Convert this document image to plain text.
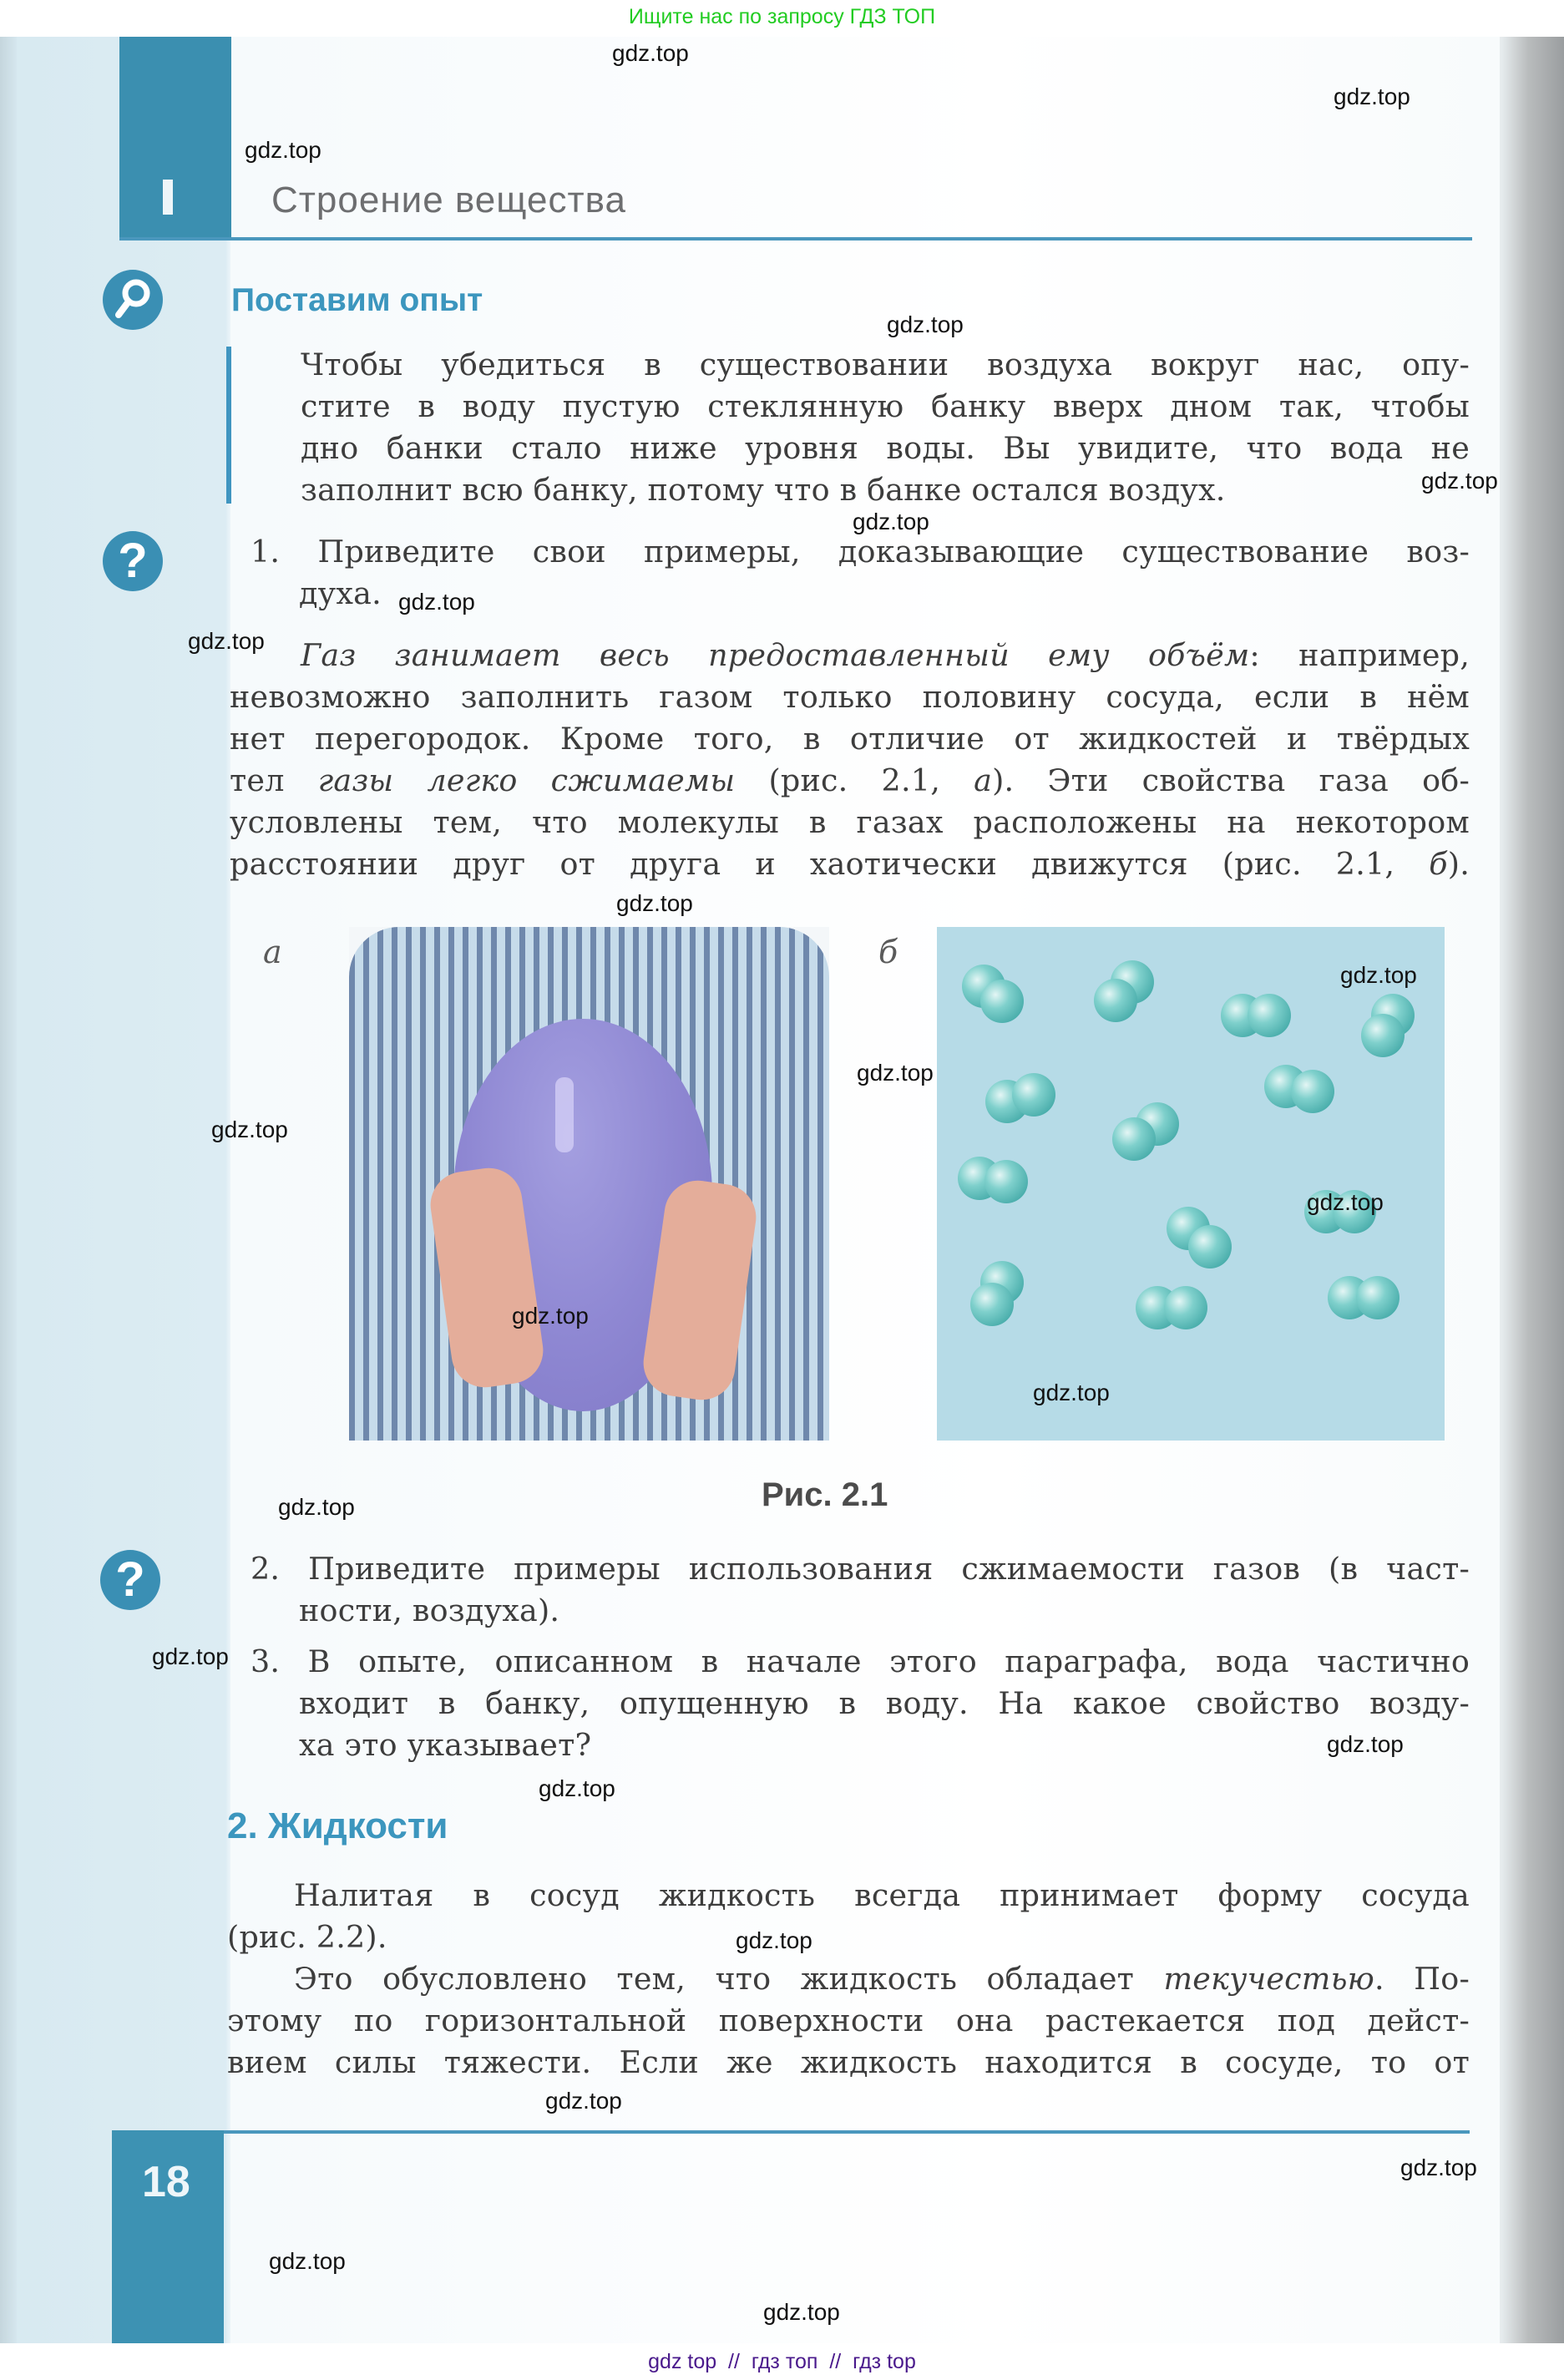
Ищите нас по запросу ГДЗ ТОП
Строение вещества
Поставим опыт
Чтобы убедиться в существовании воздуха вокруг нас, опу-
стите в воду пустую стеклянную банку вверх дном так, чтобы
дно банки стало ниже уровня воды. Вы увидите, что вода не
заполнит всю банку, потому что в банке остался воздух.
?	1. Приведите свои примеры, доказывающие существование воз-
духа.
Газ занимает весь предоставленный ему объём: например,
невозможно заполнить газом только половину сосуда, если в нём
нет перегородок. Кроме того, в отличие от жидкостей и твёрдых
тел газы легко сжимаемы (рис. 2.1, а). Эти свойства газа об-
условлены тем, что молекулы в газах расположены на некотором
расстоянии друг от друга и хаотически движутся (рис. 2.1, б).
а	б
Рис. 2.1
?	2. Приведите примеры использования сжимаемости газов (в част-
ности, воздуха).
3. В опыте, описанном в начале этого параграфа, вода частично
входит в банку, опущенную в воду. На какое свойство возду-
ха это указывает?
2. Жидкости
Налитая в сосуд жидкость всегда принимает форму сосуда
(рис. 2.2).
Это обусловлено тем, что жидкость обладает текучестью. По-
этому по горизонтальной поверхности она растекается под дейст-
вием силы тяжести. Если же жидкость находится в сосуде, то от
18
gdz.top
gdz.top
gdz.top
gdz.top
gdz.top
gdz.top
gdz.top
gdz.top
gdz.top
gdz.top
gdz.top
gdz.top
gdz.top
gdz.top
gdz.top
gdz.top
gdz.top
gdz.top
gdz.top
gdz.top
gdz.top
gdz.top
gdz.top
gdz.top
gdz top  //  гдз топ  //  гдз top
